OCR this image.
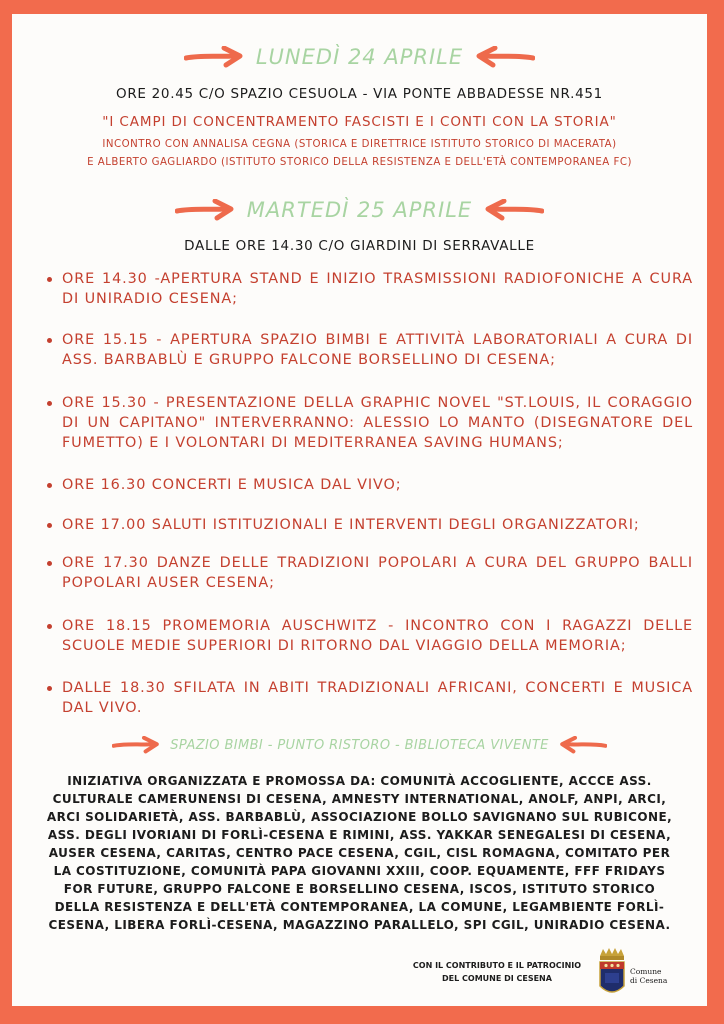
LUNEDÌ 24 APRILE
ORE 20.45 C/O SPAZIO CESUOLA - VIA PONTE ABBADESSE NR.451
"I CAMPI DI CONCENTRAMENTO FASCISTI E I CONTI CON LA STORIA"
INCONTRO CON ANNALISA CEGNA (STORICA E DIRETTRICE ISTITUTO STORICO DI MACERATA)
E ALBERTO GAGLIARDO (ISTITUTO STORICO DELLA RESISTENZA E DELL'ETÀ CONTEMPORANEA FC)
MARTEDÌ 25 APRILE
DALLE ORE 14.30 C/O GIARDINI DI SERRAVALLE
ORE 14.30 -APERTURA STAND E INIZIO TRASMISSIONI RADIOFONICHE A CURA DI UNIRADIO CESENA;
ORE 15.15 - APERTURA SPAZIO BIMBI E ATTIVITÀ LABORATORIALI A CURA DI ASS. BARBABLÙ E GRUPPO FALCONE BORSELLINO DI CESENA;
ORE 15.30 - PRESENTAZIONE DELLA GRAPHIC NOVEL "ST.LOUIS, IL CORAGGIO DI UN CAPITANO" INTERVERRANNO: ALESSIO LO MANTO (DISEGNATORE DEL FUMETTO) E I VOLONTARI DI MEDITERRANEA SAVING HUMANS;
ORE 16.30 CONCERTI E MUSICA DAL VIVO;
ORE 17.00 SALUTI ISTITUZIONALI E INTERVENTI DEGLI ORGANIZZATORI;
ORE 17.30 DANZE DELLE TRADIZIONI POPOLARI A CURA DEL GRUPPO BALLI POPOLARI AUSER CESENA;
ORE 18.15 PROMEMORIA AUSCHWITZ - INCONTRO CON I RAGAZZI DELLE SCUOLE MEDIE SUPERIORI DI RITORNO DAL VIAGGIO DELLA MEMORIA;
DALLE 18.30 SFILATA IN ABITI TRADIZIONALI AFRICANI, CONCERTI E MUSICA DAL VIVO.
SPAZIO BIMBI - PUNTO RISTORO - BIBLIOTECA VIVENTE
INIZIATIVA ORGANIZZATA E PROMOSSA DA: COMUNITÀ ACCOGLIENTE, ACCCE ASS. CULTURALE CAMERUNENSI DI CESENA, AMNESTY INTERNATIONAL, ANOLF, ANPI, ARCI, ARCI SOLIDARIETÀ, ASS. BARBABLÙ, ASSOCIAZIONE BOLLO SAVIGNANO SUL RUBICONE, ASS. DEGLI IVORIANI DI FORLÌ-CESENA E RIMINI, ASS. YAKKAR SENEGALESI DI CESENA, AUSER CESENA, CARITAS, CENTRO PACE CESENA, CGIL, CISL ROMAGNA, COMITATO PER LA COSTITUZIONE, COMUNITÀ PAPA GIOVANNI XXIII, COOP. EQUAMENTE, FFF FRIDAYS FOR FUTURE, GRUPPO FALCONE E BORSELLINO CESENA, ISCOS, ISTITUTO STORICO DELLA RESISTENZA E DELL'ETÀ CONTEMPORANEA, LA COMUNE, LEGAMBIENTE FORLÌ-CESENA, LIBERA FORLÌ-CESENA, MAGAZZINO PARALLELO, SPI CGIL, UNIRADIO CESENA.
CON IL CONTRIBUTO E IL PATROCINIO
DEL COMUNE DI CESENA
Comune
di Cesena
